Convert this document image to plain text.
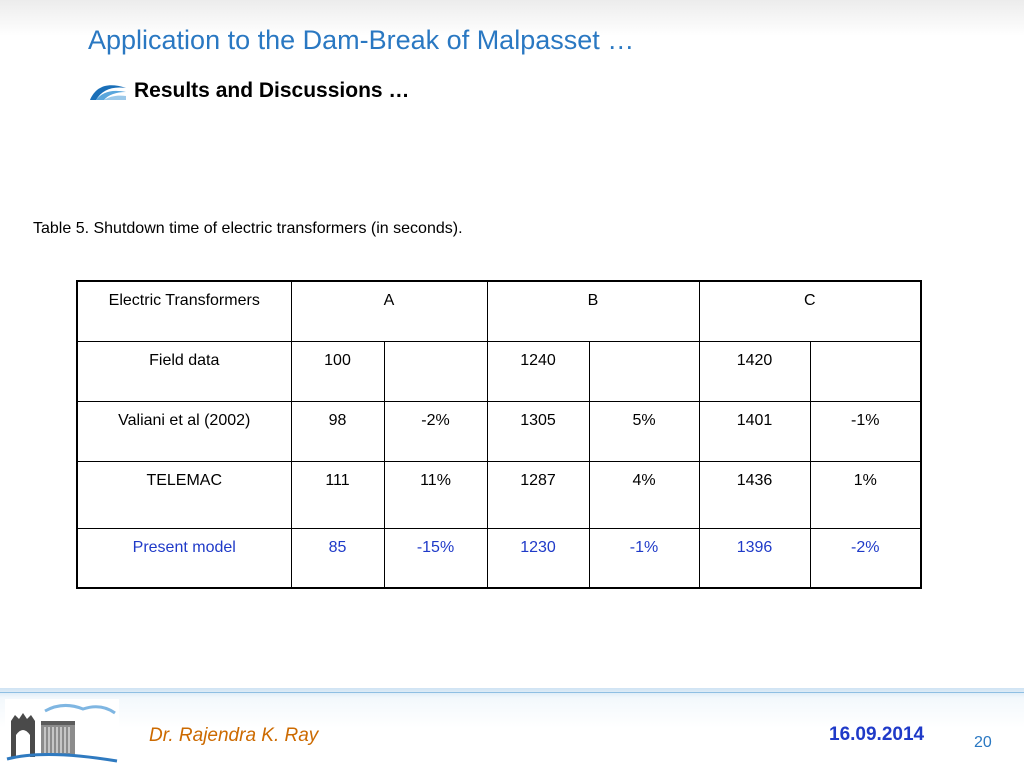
Application to the Dam-Break of Malpasset …
Results and Discussions …
Table 5. Shutdown time of electric transformers (in seconds).
Electric Transformers	A		B		C	
Field data	100		1240		1420	
Valiani et al (2002)	98	-2%	1305	5%	1401	-1%
TELEMAC	111	11%	1287	4%	1436	1%
Present model	85	-15%	1230	-1%	1396	-2%
Dr. Rajendra K. Ray	16.09.2014	20
